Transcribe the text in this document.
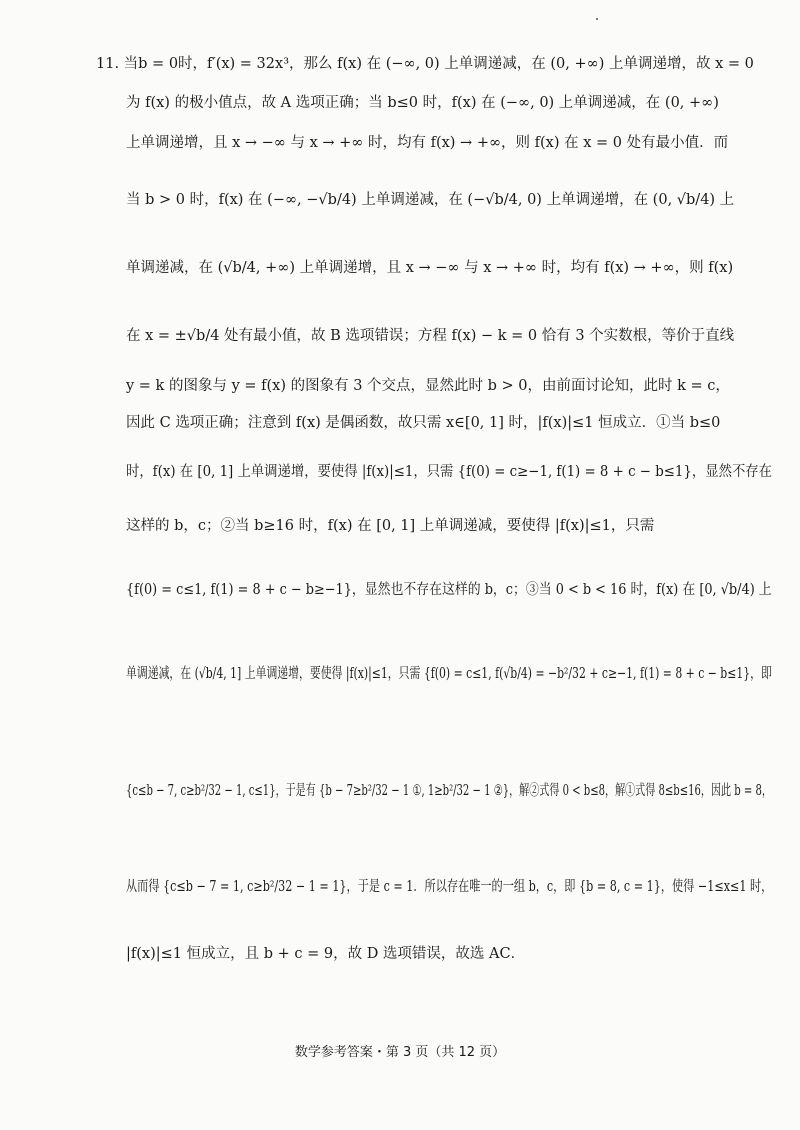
11. 当b = 0时，f′(x) = 32x³，那么 f(x) 在 (−∞, 0) 上单调递减，在 (0, +∞) 上单调递增，故 x = 0
为 f(x) 的极小值点，故 A 选项正确；当 b≤0 时，f(x) 在 (−∞, 0) 上单调递减，在 (0, +∞)
上单调递增，且 x → −∞ 与 x → +∞ 时，均有 f(x) → +∞，则 f(x) 在 x = 0 处有最小值．而
当 b > 0 时，f(x) 在 (−∞, −√b/4) 上单调递减，在 (−√b/4, 0) 上单调递增，在 (0, √b/4) 上
单调递减，在 (√b/4, +∞) 上单调递增，且 x → −∞ 与 x → +∞ 时，均有 f(x) → +∞，则 f(x)
在 x = ±√b/4 处有最小值，故 B 选项错误；方程 f(x) − k = 0 恰有 3 个实数根，等价于直线
y = k 的图象与 y = f(x) 的图象有 3 个交点，显然此时 b > 0，由前面讨论知，此时 k = c，
因此 C 选项正确；注意到 f(x) 是偶函数，故只需 x∈[0, 1] 时，|f(x)|≤1 恒成立．①当 b≤0
时，f(x) 在 [0, 1] 上单调递增，要使得 |f(x)|≤1，只需 {f(0) = c≥−1, f(1) = 8 + c − b≤1}，显然不存在
这样的 b，c；②当 b≥16 时，f(x) 在 [0, 1] 上单调递减，要使得 |f(x)|≤1，只需
{f(0) = c≤1, f(1) = 8 + c − b≥−1}，显然也不存在这样的 b，c；③当 0 < b < 16 时，f(x) 在 [0, √b/4) 上
单调递减，在 (√b/4, 1] 上单调递增，要使得 |f(x)|≤1，只需 {f(0) = c≤1, f(√b/4) = −b²/32 + c≥−1, f(1) = 8 + c − b≤1}，即
{c≤b − 7, c≥b²/32 − 1, c≤1}，于是有 {b − 7≥b²/32 − 1 ①, 1≥b²/32 − 1 ②}，解②式得 0 < b≤8，解①式得 8≤b≤16，因此 b = 8，
从而得 {c≤b − 7 = 1, c≥b²/32 − 1 = 1}，于是 c = 1．所以存在唯一的一组 b，c，即 {b = 8, c = 1}，使得 −1≤x≤1 时，
|f(x)|≤1 恒成立，且 b + c = 9，故 D 选项错误，故选 AC．
数学参考答案・第 3 页（共 12 页）
